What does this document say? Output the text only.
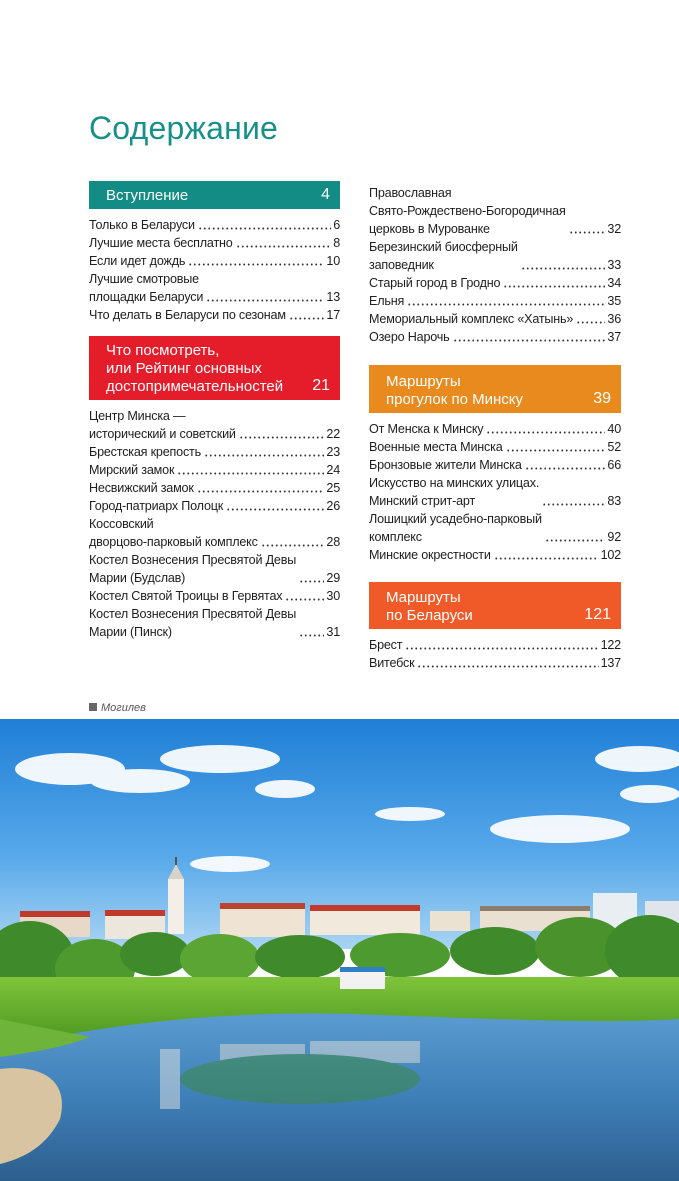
Содержание
Вступление	4
Только в Беларуси	6
Лучшие места бесплатно	8
Если идет дождь	10
Лучшие смотровые
площадки Беларуси	13
Что делать в Беларуси по сезонам	17
Что посмотреть,
или Рейтинг основных
достопримечательностей	21
Центр Минска —
исторический и советский	22
Брестская крепость	23
Мирский замок	24
Несвижский замок	25
Город-патриарх Полоцк	26
Коссовский
дворцово-парковый комплекс	28
Костел Вознесения Пресвятой Девы
Марии (Будслав)	29
Костел Святой Троицы в Гервятах	30
Костел Вознесения Пресвятой Девы
Марии (Пинск)	31
Православная
Свято-Рождествено-Богородичная
церковь в Мурованке	32
Березинский биосферный
заповедник	33
Старый город в Гродно	34
Ельня	35
Мемориальный комплекс «Хатынь»	36
Озеро Нарочь	37
Маршруты
прогулок по Минску	39
От Менска к Минску	40
Военные места Минска	52
Бронзовые жители Минска	66
Искусство на минских улицах.
Минский стрит-арт	83
Лошицкий усадебно-парковый
комплекс	92
Минские окрестности	102
Маршруты
по Беларуси	121
Брест	122
Витебск	137
Могилев
